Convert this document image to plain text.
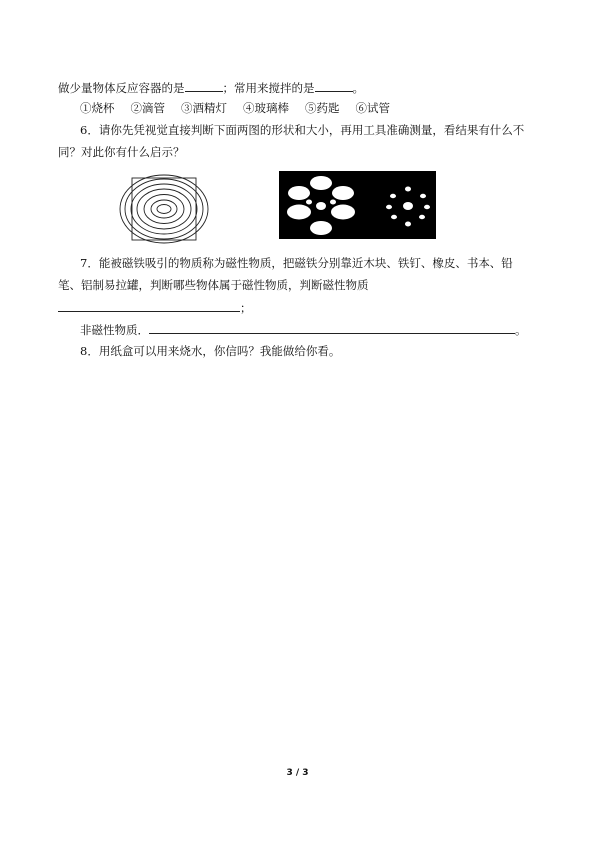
做少量物体反应容器的是	；常用来搅拌的是	。
①烧杯 ②滴管 ③酒精灯 ④玻璃棒 ⑤药匙 ⑥试管
6．请你先凭视觉直接判断下面两图的形状和大小，再用工具准确测量，看结果有什么不
同？对此你有什么启示？
7．能被磁铁吸引的物质称为磁性物质，把磁铁分别靠近木块、铁钉、橡皮、书本、铅
笔、铝制易拉罐，判断哪些物体属于磁性物质，判断磁性物质
；
非磁性物质．	。
8．用纸盒可以用来烧水，你信吗？我能做给你看。
3 / 3
